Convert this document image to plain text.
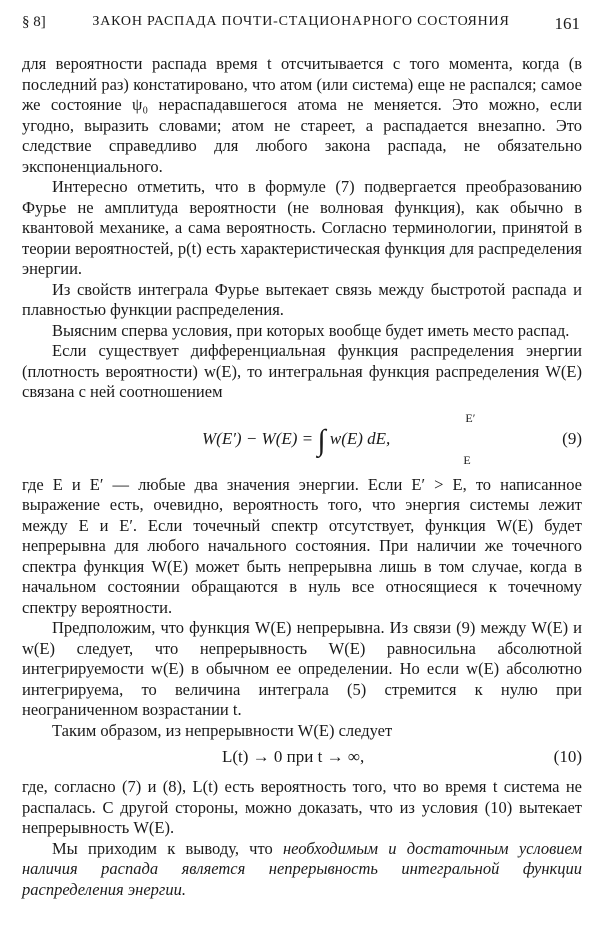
§ 8]	ЗАКОН РАСПАДА ПОЧТИ-СТАЦИОНАРНОГО СОСТОЯНИЯ	161

для вероятности распада время t отсчитывается с того момента, когда (в последний раз) констатировано, что атом (или система) еще не распался; самое же состояние ψ₀ нераспадавшегося атома не меняется. Это можно, если угодно, выразить словами; атом не стареет, а распадается внезапно. Это следствие справедливо для любого закона распада, не обязательно экспоненциального.

Интересно отметить, что в формуле (7) подвергается преобразованию Фурье не амплитуда вероятности (не волновая функция), как обычно в квантовой механике, а сама вероятность. Согласно терминологии, принятой в теории вероятностей, p(t) есть характеристическая функция для распределения энергии.

Из свойств интеграла Фурье вытекает связь между быстротой распада и плавностью функции распределения.

Выясним сперва условия, при которых вообще будет иметь место распад.

Если существует дифференциальная функция распределения энергии (плотность вероятности) w(E), то интегральная функция распределения W(E) связана с ней соотношением

W(E′) − W(E) = ∫
E′
E
w(E) dE,	(9)

где E и E′ — любые два значения энергии. Если E′ > E, то написанное выражение есть, очевидно, вероятность того, что энергия системы лежит между E и E′. Если точечный спектр отсутствует, функция W(E) будет непрерывна для любого начального состояния. При наличии же точечного спектра функция W(E) может быть непрерывна лишь в том случае, когда в начальном состоянии обращаются в нуль все относящиеся к точечному спектру вероятности.

Предположим, что функция W(E) непрерывна. Из связи (9) между W(E) и w(E) следует, что непрерывность W(E) равносильна абсолютной интегрируемости w(E) в обычном ее определении. Но если w(E) абсолютно интегрируема, то величина интеграла (5) стремится к нулю при неограниченном возрастании t.

Таким образом, из непрерывности W(E) следует

L(t) → 0 при t → ∞,	(10)

где, согласно (7) и (8), L(t) есть вероятность того, что во время t система не распалась. С другой стороны, можно доказать, что из условия (10) вытекает непрерывность W(E).

Мы приходим к выводу, что необходимым и достаточным условием наличия распада является непрерывность интегральной функции распределения энергии.
